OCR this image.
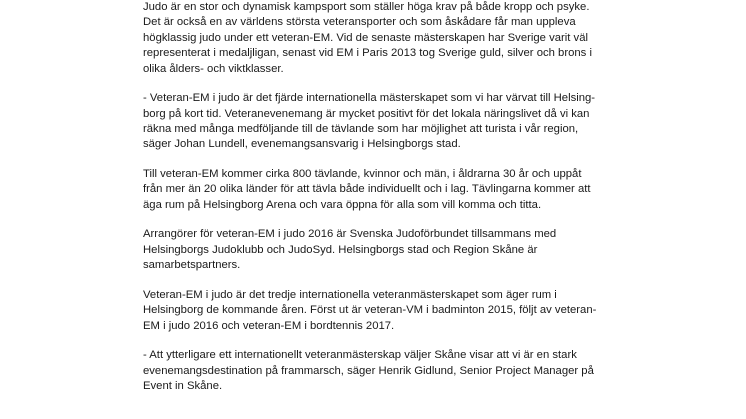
Judo är en stor och dynamisk kampsport som ställer höga krav på både kropp och psyke.
Det är också en av världens största veteransporter och som åskådare får man uppleva
högklassig judo under ett veteran-EM. Vid de senaste mästerskapen har Sverige varit väl
representerat i medaljligan, senast vid EM i Paris 2013 tog Sverige guld, silver och brons i
olika ålders- och viktklasser.

- Veteran-EM i judo är det fjärde internationella mästerskapet som vi har värvat till Helsing-
borg på kort tid. Veteranevenemang är mycket positivt för det lokala näringslivet då vi kan
räkna med många medföljande till de tävlande som har möjlighet att turista i vår region,
säger Johan Lundell, evenemangsansvarig i Helsingborgs stad.

Till veteran-EM kommer cirka 800 tävlande, kvinnor och män, i åldrarna 30 år och uppåt
från mer än 20 olika länder för att tävla både individuellt och i lag. Tävlingarna kommer att
äga rum på Helsingborg Arena och vara öppna för alla som vill komma och titta.

Arrangörer för veteran-EM i judo 2016 är Svenska Judoförbundet tillsammans med
Helsingborgs Judoklubb och JudoSyd. Helsingborgs stad och Region Skåne är
samarbetspartners.

Veteran-EM i judo är det tredje internationella veteranmästerskapet som äger rum i
Helsingborg de kommande åren. Först ut är veteran-VM i badminton 2015, följt av veteran-
EM i judo 2016 och veteran-EM i bordtennis 2017.

- Att ytterligare ett internationellt veteranmästerskap väljer Skåne visar att vi är en stark
evenemangsdestination på frammarsch, säger Henrik Gidlund, Senior Project Manager på
Event in Skåne.
